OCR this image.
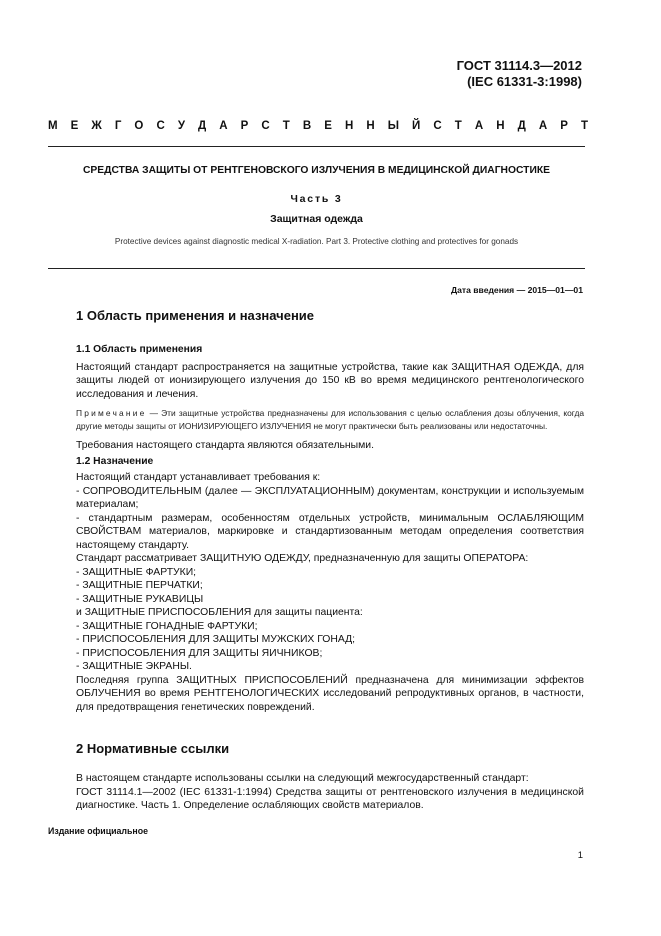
ГОСТ 31114.3—2012
(IEC 61331-3:1998)
М Е Ж Г О С У Д А Р С Т В Е Н Н Ы Й С Т А Н Д А Р Т
СРЕДСТВА ЗАЩИТЫ ОТ РЕНТГЕНОВСКОГО ИЗЛУЧЕНИЯ В МЕДИЦИНСКОЙ ДИАГНОСТИКЕ
Часть 3
Защитная одежда
Protective devices against diagnostic medical X-radiation. Part 3. Protective clothing and protectives for gonads
Дата введения — 2015—01—01
1 Область применения и назначение

1.1 Область применения

Настоящий стандарт распространяется на защитные устройства, такие как ЗАЩИТНАЯ ОДЕЖДА, для защиты людей от ионизирующего излучения до 150 кВ во время медицинского рентгенологического исследования и лечения.

Примечание — Эти защитные устройства предназначены для использования с целью ослабления дозы облучения, когда другие методы защиты от ИОНИЗИРУЮЩЕГО ИЗЛУЧЕНИЯ не могут практически быть реализованы или недостаточны.

Требования настоящего стандарта являются обязательными.

1.2 Назначение

Настоящий стандарт устанавливает требования к:

- СОПРОВОДИТЕЛЬНЫМ (далее — ЭКСПЛУАТАЦИОННЫМ) документам, конструкции и используемым материалам;

- стандартным размерам, особенностям отдельных устройств, минимальным ОСЛАБЛЯЮЩИМ СВОЙСТВАМ материалов, маркировке и стандартизованным методам определения соответствия настоящему стандарту.

Стандарт рассматривает ЗАЩИТНУЮ ОДЕЖДУ, предназначенную для защиты ОПЕРАТОРА:

- ЗАЩИТНЫЕ ФАРТУКИ;

- ЗАЩИТНЫЕ ПЕРЧАТКИ;

- ЗАЩИТНЫЕ РУКАВИЦЫ

и ЗАЩИТНЫЕ ПРИСПОСОБЛЕНИЯ для защиты пациента:

- ЗАЩИТНЫЕ ГОНАДНЫЕ ФАРТУКИ;

- ПРИСПОСОБЛЕНИЯ ДЛЯ ЗАЩИТЫ МУЖСКИХ ГОНАД;

- ПРИСПОСОБЛЕНИЯ ДЛЯ ЗАЩИТЫ ЯИЧНИКОВ;

- ЗАЩИТНЫЕ ЭКРАНЫ.

Последняя группа ЗАЩИТНЫХ ПРИСПОСОБЛЕНИЙ предназначена для минимизации эффектов ОБЛУЧЕНИЯ во время РЕНТГЕНОЛОГИЧЕСКИХ исследований репродуктивных органов, в частности, для предотвращения генетических повреждений.

2 Нормативные ссылки

В настоящем стандарте использованы ссылки на следующий межгосударственный стандарт:

ГОСТ 31114.1—2002 (IEC 61331-1:1994) Средства защиты от рентгеновского излучения в медицинской диагностике. Часть 1. Определение ослабляющих свойств материалов.

Издание официальное
1
